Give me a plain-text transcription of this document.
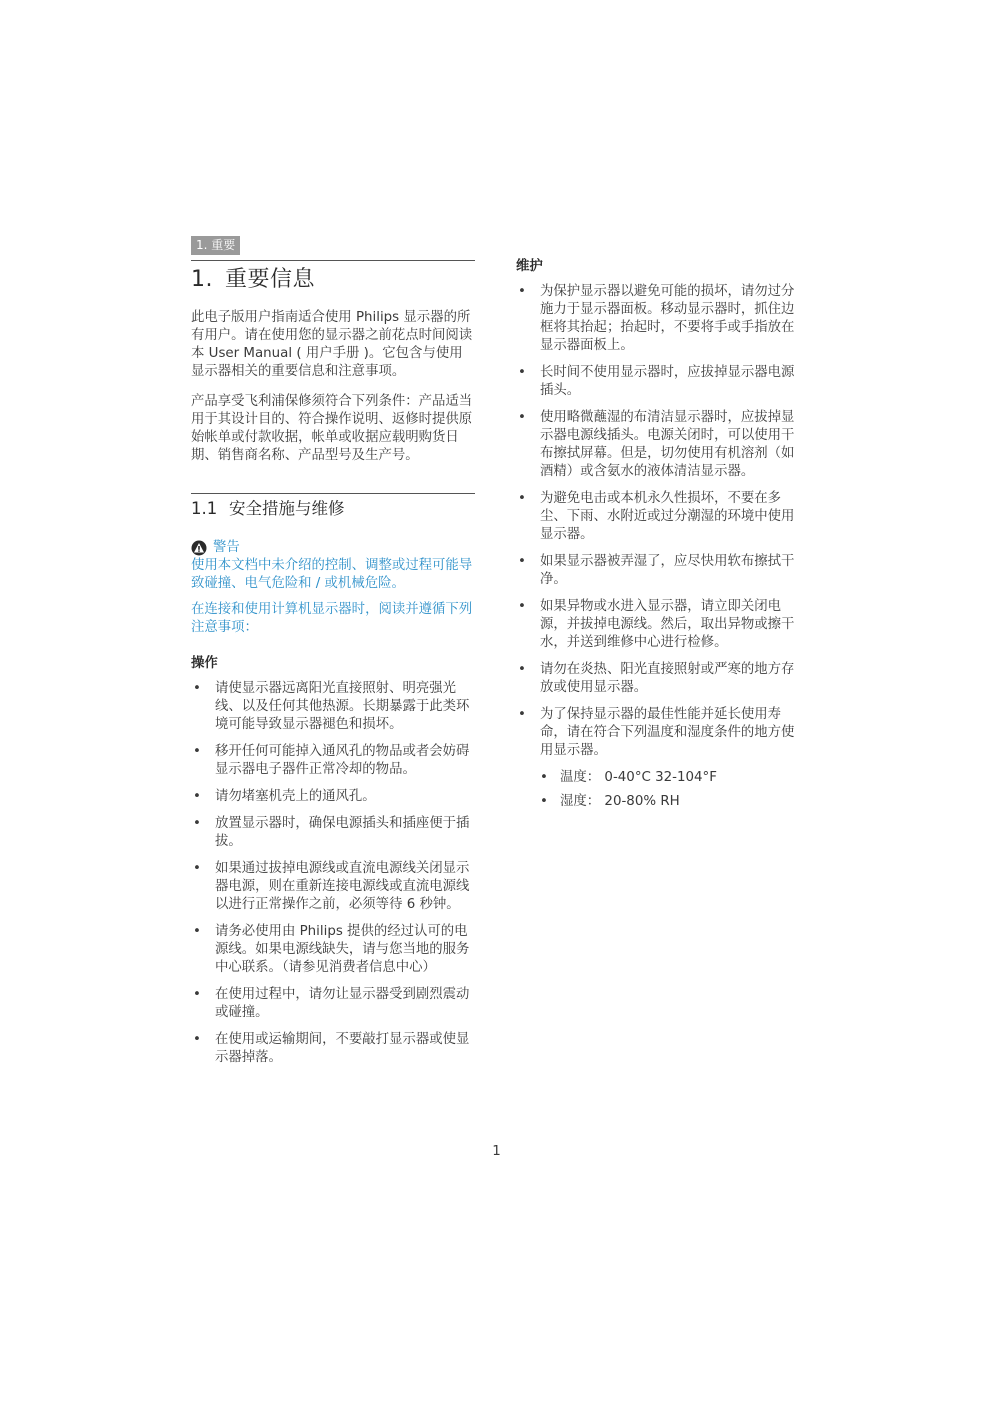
1. 重要
1. 重要信息

此电子版用户指南适合使用 Philips 显示器的所有用户。请在使用您的显示器之前花点时间阅读本 User Manual ( 用户手册 )。它包含与使用显示器相关的重要信息和注意事项。

产品享受飞利浦保修须符合下列条件：产品适当用于其设计目的、符合操作说明、返修时提供原始帐单或付款收据，帐单或收据应载明购货日期、销售商名称、产品型号及生产号。

1.1 安全措施与维修
警告

使用本文档中未介绍的控制、调整或过程可能导致碰撞、电气危险和 / 或机械危险。

在连接和使用计算机显示器时，阅读并遵循下列注意事项：

操作
• 请使显示器远离阳光直接照射、明亮强光线、以及任何其他热源。长期暴露于此类环境可能导致显示器褪色和损坏。
• 移开任何可能掉入通风孔的物品或者会妨碍显示器电子器件正常冷却的物品。
• 请勿堵塞机壳上的通风孔。
• 放置显示器时，确保电源插头和插座便于插拔。
• 如果通过拔掉电源线或直流电源线关闭显示器电源，则在重新连接电源线或直流电源线以进行正常操作之前，必须等待 6 秒钟。
• 请务必使用由 Philips 提供的经过认可的电源线。如果电源线缺失，请与您当地的服务中心联系。（请参见消费者信息中心）
• 在使用过程中，请勿让显示器受到剧烈震动或碰撞。
• 在使用或运输期间，不要敲打显示器或使显示器掉落。
维护
• 为保护显示器以避免可能的损坏，请勿过分施力于显示器面板。移动显示器时，抓住边框将其抬起；抬起时，不要将手或手指放在显示器面板上。
• 长时间不使用显示器时，应拔掉显示器电源插头。
• 使用略微蘸湿的布清洁显示器时，应拔掉显示器电源线插头。电源关闭时，可以使用干布擦拭屏幕。但是，切勿使用有机溶剂（如酒精）或含氨水的液体清洁显示器。
• 为避免电击或本机永久性损坏，不要在多尘、下雨、水附近或过分潮湿的环境中使用显示器。
• 如果显示器被弄湿了，应尽快用软布擦拭干净。
• 如果异物或水进入显示器，请立即关闭电源，并拔掉电源线。然后，取出异物或擦干水，并送到维修中心进行检修。
• 请勿在炎热、阳光直接照射或严寒的地方存放或使用显示器。
• 为了保持显示器的最佳性能并延长使用寿命，请在符合下列温度和湿度条件的地方使用显示器。
• 温度： 0-40°C 32-104°F
• 湿度： 20-80% RH
1
